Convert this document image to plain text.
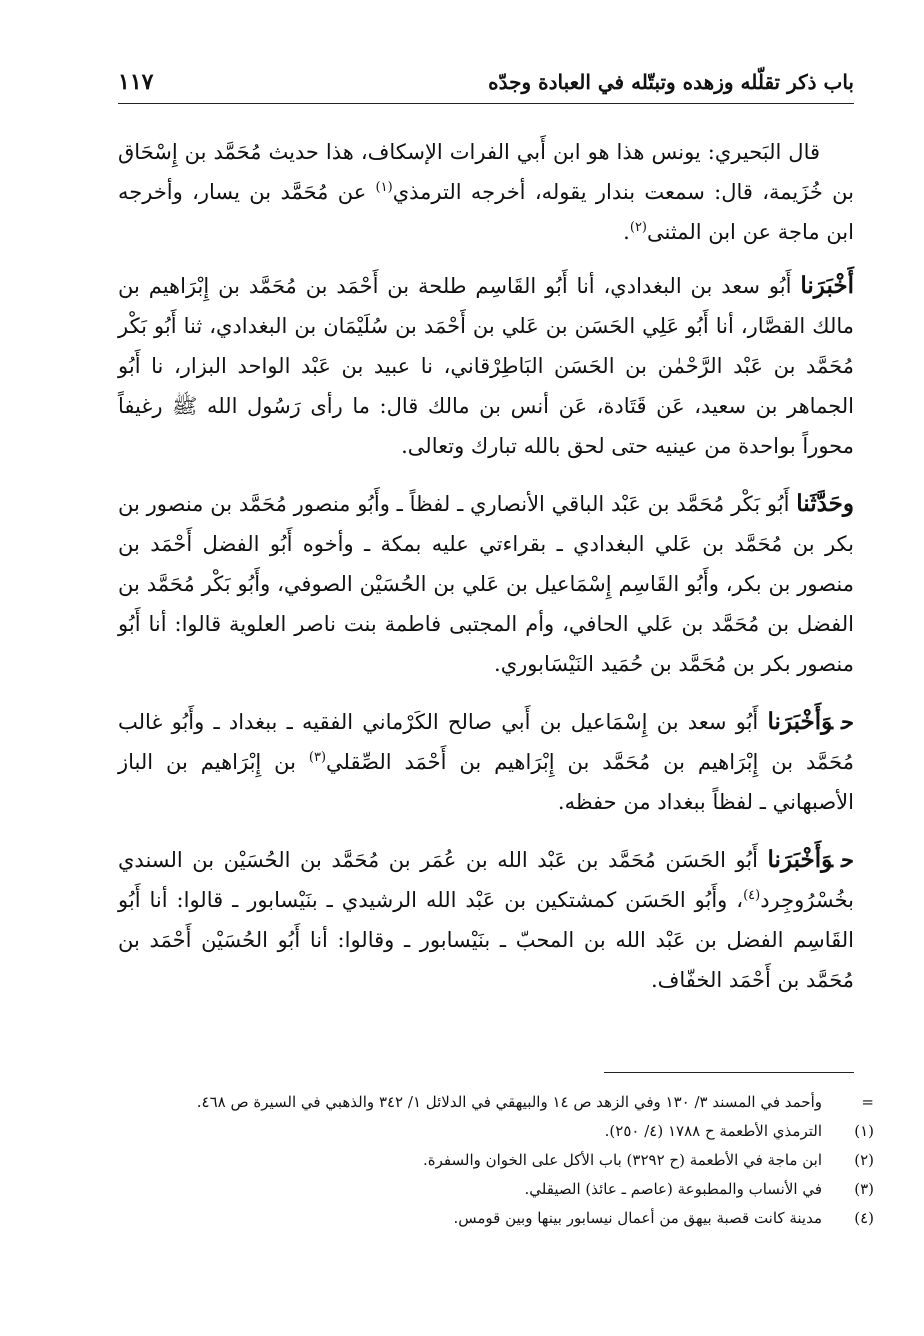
باب ذكر تقلّله وزهده وتبتّله في العبادة وجدّه
١١٧

قال البَحيري: يونس هذا هو ابن أَبي الفرات الإسكاف، هذا حديث مُحَمَّد بن إِسْحَاق بن خُزَيمة، قال: سمعت بندار يقوله، أخرجه الترمذي$^{(١)}$ عن مُحَمَّد بن يسار، وأخرجه ابن ماجة عن ابن المثنى$^{(٢)}$.

أَخْبَرَنا أَبُو سعد بن البغدادي، أنا أَبُو القَاسِم طلحة بن أَحْمَد بن مُحَمَّد بن إِبْرَاهيم بن مالك القصَّار، أنا أَبُو عَلِي الحَسَن بن عَلي بن أَحْمَد بن سُلَيْمَان بن البغدادي، ثنا أَبُو بَكْر مُحَمَّد بن عَبْد الرَّحْمٰن بن الحَسَن البَاطِرْقاني، نا عبيد بن عَبْد الواحد البزار، نا أَبُو الجماهر بن سعيد، عَن قَتَادة، عَن أنس بن مالك قال: ما رأى رَسُول الله ﷺ رغيفاً محوراً بواحدة من عينيه حتى لحق بالله تبارك وتعالى.

وحَدَّثَنا أَبُو بَكْر مُحَمَّد بن عَبْد الباقي الأنصاري ـ لفظاً ـ وأَبُو منصور مُحَمَّد بن منصور بن بكر بن مُحَمَّد بن عَلي البغدادي ـ بقراءتي عليه بمكة ـ وأخوه أَبُو الفضل أَحْمَد بن منصور بن بكر، وأَبُو القَاسِم إِسْمَاعيل بن عَلي بن الحُسَيْن الصوفي، وأَبُو بَكْر مُحَمَّد بن الفضل بن مُحَمَّد بن عَلي الحافي، وأم المجتبى فاطمة بنت ناصر العلوية قالوا: أنا أَبُو منصور بكر بن مُحَمَّد بن حُمَيد النَيْسَابوري.

حوَأَخْبَرَنا أَبُو سعد بن إِسْمَاعيل بن أَبي صالح الكَرْماني الفقيه ـ ببغداد ـ وأَبُو غالب مُحَمَّد بن إِبْرَاهيم بن مُحَمَّد بن إِبْرَاهيم بن أَحْمَد الصِّقلي$^{(٣)}$ بن إِبْرَاهيم بن الباز الأصبهاني ـ لفظاً ببغداد من حفظه.

حوَأَخْبَرَنا أَبُو الحَسَن مُحَمَّد بن عَبْد الله بن عُمَر بن مُحَمَّد بن الحُسَيْن بن السندي بخُسْرُوجِرد$^{(٤)}$، وأَبُو الحَسَن كمشتكين بن عَبْد الله الرشيدي ـ بنَيْسابور ـ قالوا: أنا أَبُو القَاسِم الفضل بن عَبْد الله بن المحبّ ـ بنَيْسابور ـ وقالوا: أنا أَبُو الحُسَيْن أَحْمَد بن مُحَمَّد بن أَحْمَد الخفّاف.

=
وأحمد في المسند ٣/ ١٣٠ وفي الزهد ص ١٤ والبيهقي في الدلائل ١/ ٣٤٢ والذهبي في السيرة ص ٤٦٨.
(١)
الترمذي الأطعمة ح ١٧٨٨ (٤/ ٢٥٠).
(٢)
ابن ماجة في الأطعمة (ح ٣٢٩٢) باب الأكل على الخوان والسفرة.
(٣)
في الأنساب والمطبوعة (عاصم ـ عائذ) الصيقلي.
(٤)
مدينة كانت قصبة بيهق من أعمال نيسابور بينها وبين قومس.
